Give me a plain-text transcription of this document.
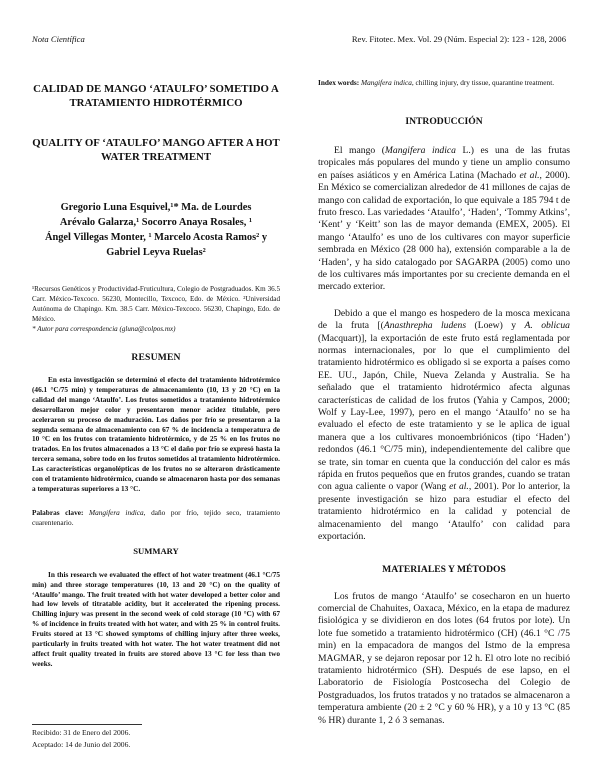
Nota Científica	Rev. Fitotec. Mex. Vol. 29 (Núm. Especial 2): 123 - 128, 2006
CALIDAD DE MANGO ‘ATAULFO’ SOMETIDO A TRATAMIENTO HIDROTÉRMICO
QUALITY OF ‘ATAULFO’ MANGO AFTER A HOT WATER TREATMENT
Gregorio Luna Esquivel,¹* Ma. de Lourdes
Arévalo Galarza,¹ Socorro Anaya Rosales, ¹
Ángel Villegas Monter, ¹ Marcelo Acosta Ramos² y
Gabriel Leyva Ruelas²
¹Recursos Genéticos y Productividad-Fruticultura, Colegio de Postgraduados. Km 36.5 Carr. México-Texcoco. 56230, Montecillo, Texcoco, Edo. de México. ²Universidad Autónoma de Chapingo. Km. 38.5 Carr. México-Texcoco. 56230, Chapingo, Edo. de México.
* Autor para correspondencia (gluna@colpos.mx)
RESUMEN

En esta investigación se determinó el efecto del tratamiento hidrotérmico (46.1 °C/75 min) y temperaturas de almacenamiento (10, 13 y 20 °C) en la calidad del mango ‘Ataulfo’. Los frutos sometidos a tratamiento hidrotérmico desarrollaron mejor color y presentaron menor acidez titulable, pero aceleraron su proceso de maduración. Los daños por frío se presentaron a la segunda semana de almacenamiento con 67 % de incidencia a temperatura de 10 °C en los frutos con tratamiento hidrotérmico, y de 25 % en los frutos no tratados. En los frutos almacenados a 13 °C el daño por frío se expresó hasta la tercera semana, sobre todo en los frutos sometidos al tratamiento hidrotérmico. Las características organolépticas de los frutos no se alteraron drásticamente con el tratamiento hidrotérmico, cuando se almacenaron hasta por dos semanas a temperaturas superiores a 13 °C.

Palabras clave: Mangifera indica, daño por frío, tejido seco, tratamiento cuarentenario.

SUMMARY

In this research we evaluated the effect of hot water treatment (46.1 °C/75 min) and three storage temperatures (10, 13 and 20 °C) on the quality of ‘Ataulfo’ mango. The fruit treated with hot water developed a better color and had low levels of titratable acidity, but it accelerated the ripening process. Chilling injury was present in the second week of cold storage (10 °C) with 67 % of incidence in fruits treated with hot water, and with 25 % in control fruits. Fruits stored at 13 °C showed symptoms of chilling injury after three weeks, particularly in fruits treated with hot water. The hot water treatment did not affect fruit quality treated in fruits are stored above 13 °C for less than two weeks.

Recibido: 31 de Enero del 2006.
Aceptado: 14 de Junio del 2006.

Index words: Mangifera indica, chilling injury, dry tissue, quarantine treatment.

INTRODUCCIÓN

El mango (Mangifera indica L.) es una de las frutas tropicales más populares del mundo y tiene un amplio consumo en países asiáticos y en América Latina (Machado et al., 2000). En México se comercializan alrededor de 41 millones de cajas de mango con calidad de exportación, lo que equivale a 185 794 t de fruto fresco. Las variedades ‘Ataulfo’, ‘Haden’, ‘Tommy Atkins’, ‘Kent’ y ‘Keitt’ son las de mayor demanda (EMEX, 2005). El mango ‘Ataulfo’ es uno de los cultivares con mayor superficie sembrada en México (28 000 ha), extensión comparable a la de ‘Haden’, y ha sido catalogado por SAGARPA (2005) como uno de los cultivares más importantes por su creciente demanda en el mercado exterior.

Debido a que el mango es hospedero de la mosca mexicana de la fruta [(Anasthrepha ludens (Loew) y A. oblicua (Macquart)], la exportación de este fruto está reglamentada por normas internacionales, por lo que el cumplimiento del tratamiento hidrotérmico es obligado si se exporta a países como EE. UU., Japón, Chile, Nueva Zelanda y Australia. Se ha señalado que el tratamiento hidrotérmico afecta algunas características de calidad de los frutos (Yahia y Campos, 2000; Wolf y Lay-Lee, 1997), pero en el mango ‘Ataulfo’ no se ha evaluado el efecto de este tratamiento y se le aplica de igual manera que a los cultivares monoembriónicos (tipo ‘Haden’) redondos (46.1 °C/75 min), independientemente del calibre que se trate, sin tomar en cuenta que la conducción del calor es más rápida en frutos pequeños que en frutos grandes, cuando se tratan con agua caliente o vapor (Wang et al., 2001). Por lo anterior, la presente investigación se hizo para estudiar el efecto del tratamiento hidrotérmico en la calidad y potencial de almacenamiento del mango ‘Ataulfo’ con calidad para exportación.

MATERIALES Y MÉTODOS

Los frutos de mango ‘Ataulfo’ se cosecharon en un huerto comercial de Chahuites, Oaxaca, México, en la etapa de madurez fisiológica y se dividieron en dos lotes (64 frutos por lote). Un lote fue sometido a tratamiento hidrotérmico (CH) (46.1 °C /75 min) en la empacadora de mangos del Istmo de la empresa MAGMAR, y se dejaron reposar por 12 h. El otro lote no recibió tratamiento hidrotérmico (SH). Después de ese lapso, en el Laboratorio de Fisiología Postcosecha del Colegio de Postgraduados, los frutos tratados y no tratados se almacenaron a temperatura ambiente (20 ± 2 °C y 60 % HR), y a 10 y 13 °C (85 % HR) durante 1, 2 ó 3 semanas.
